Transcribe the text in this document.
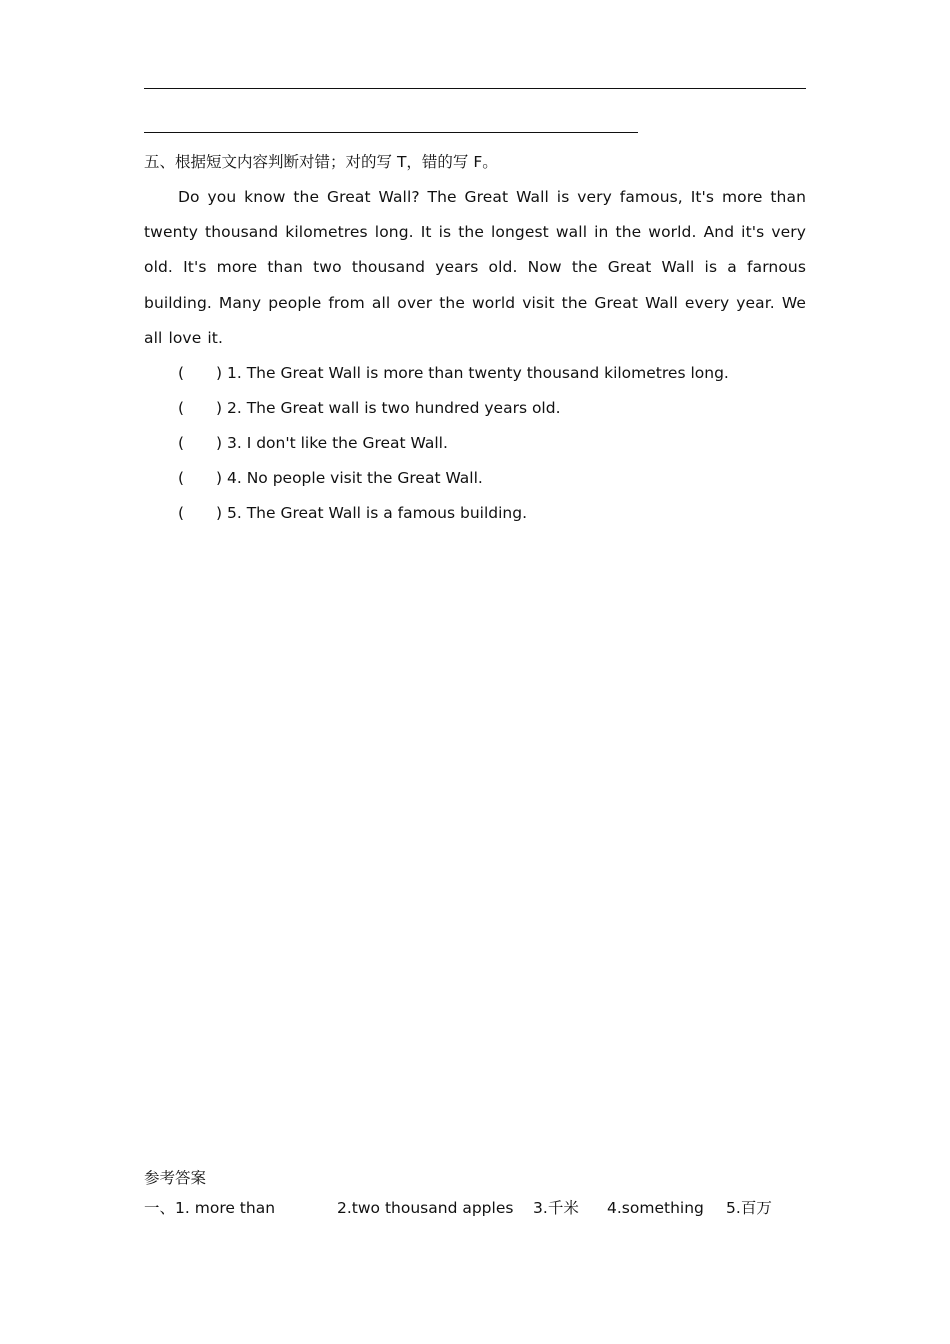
五、根据短文内容判断对错；对的写 T，错的写 F。

Do you know the Great Wall? The Great Wall is very famous, It's more than twenty thousand kilometres long. It is the longest wall in the world. And it's very old. It's more than two thousand years old. Now the Great Wall is a farnous building. Many people from all over the world visit the Great Wall every year. We all love it.

(	) 1. The Great Wall is more than twenty thousand kilometres long.
(	) 2. The Great wall is two hundred years old.
(	) 3. I don't like the Great Wall.
(	) 4. No people visit the Great Wall.
(	) 5. The Great Wall is a famous building.
参考答案
一、1. more than	2.two thousand apples 3.千米 4.something 5.百万
